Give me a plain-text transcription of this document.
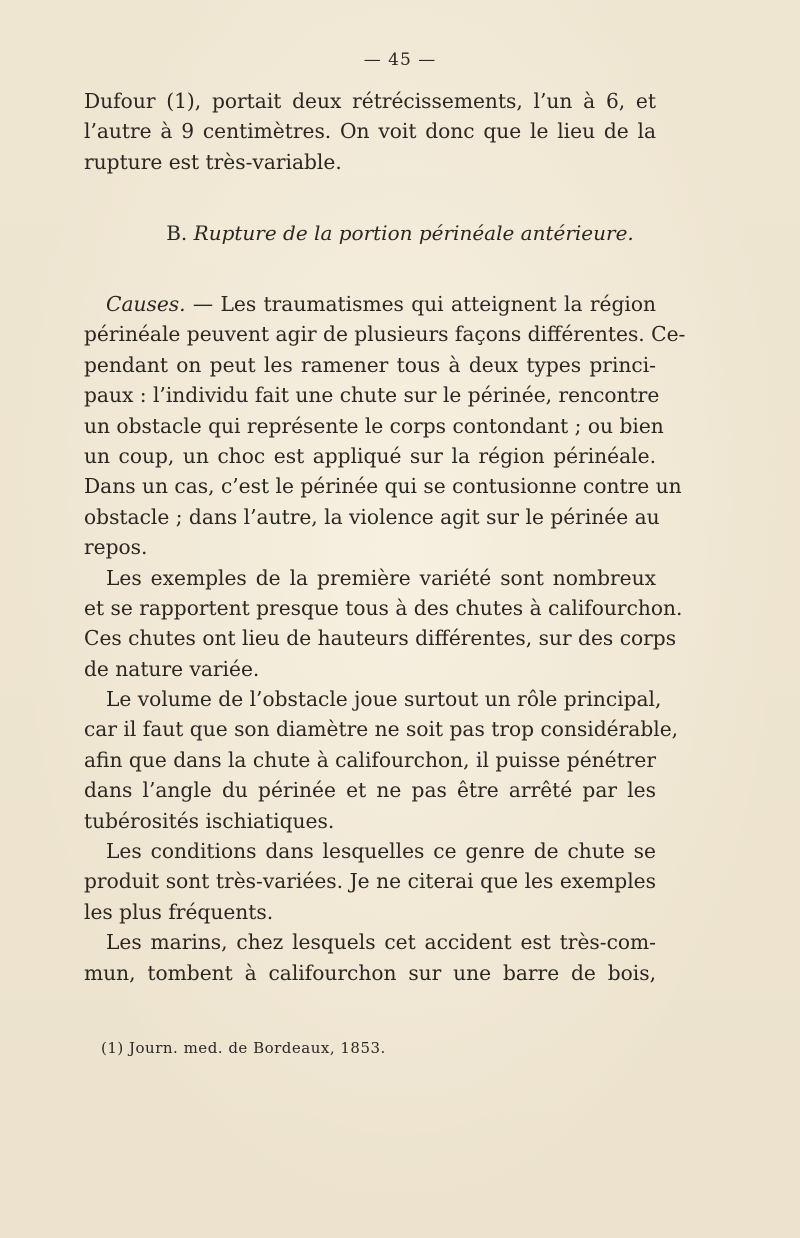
— 45 —
Dufour (1), portait deux rétrécissements, l’un à 6, et
l’autre à 9 centimètres. On voit donc que le lieu de la
rupture est très-variable.
B. Rupture de la portion périnéale antérieure.
Causes. — Les traumatismes qui atteignent la région
périnéale peuvent agir de plusieurs façons différentes. Ce-
pendant on peut les ramener tous à deux types princi-
paux : l’individu fait une chute sur le périnée, rencontre
un obstacle qui représente le corps contondant ; ou bien
un coup, un choc est appliqué sur la région périnéale.
Dans un cas, c’est le périnée qui se contusionne contre un
obstacle ; dans l’autre, la violence agit sur le périnée au
repos.
Les exemples de la première variété sont nombreux
et se rapportent presque tous à des chutes à califourchon.
Ces chutes ont lieu de hauteurs différentes, sur des corps
de nature variée.
Le volume de l’obstacle joue surtout un rôle principal,
car il faut que son diamètre ne soit pas trop considérable,
afin que dans la chute à califourchon, il puisse pénétrer
dans l’angle du périnée et ne pas être arrêté par les
tubérosités ischiatiques.
Les conditions dans lesquelles ce genre de chute se
produit sont très-variées. Je ne citerai que les exemples
les plus fréquents.
Les marins, chez lesquels cet accident est très-com-
mun, tombent à califourchon sur une barre de bois,
(1) Journ. med. de Bordeaux, 1853.
